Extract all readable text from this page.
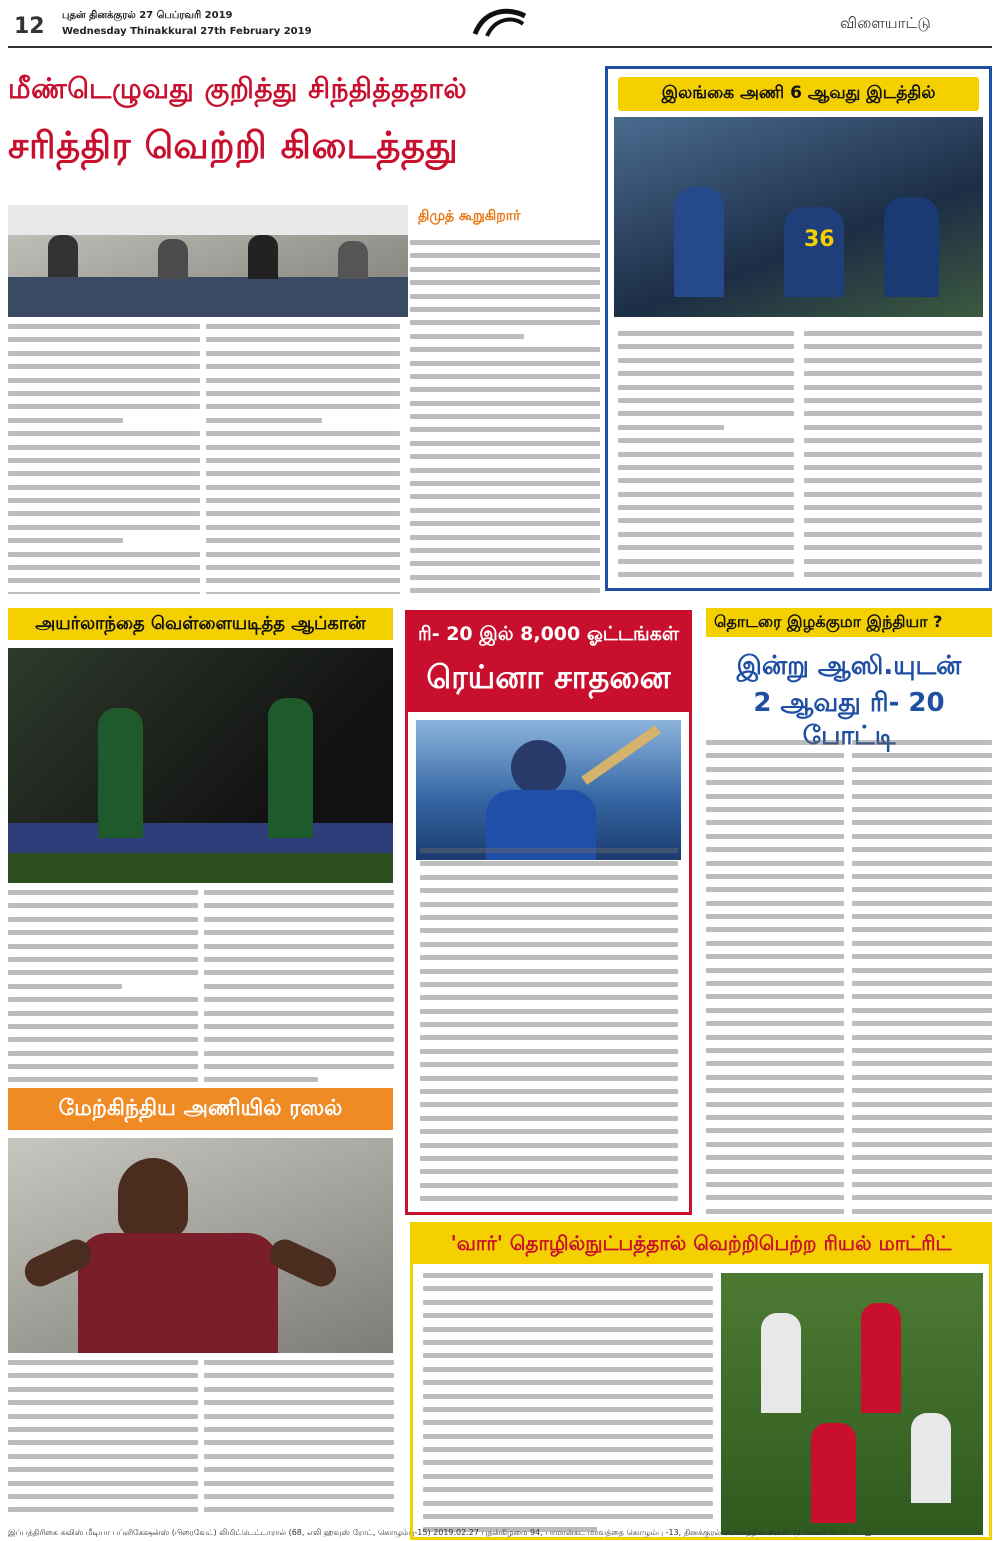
12 புதன் தினக்குரல் 27 பெப்ரவரி 2019
Wednesday Thinakkural 27th February 2019	விளையாட்டு
மீண்டெழுவது குறித்து சிந்தித்ததால்
சரித்திர வெற்றி கிடைத்தது
திமுத் கூறுகிறார்
இலங்கை அணி 6 ஆவது இடத்தில்
36
அயர்லாந்தை வெள்ளையடித்த ஆப்கான்
மேற்கிந்திய அணியில் ரஸல்
ரி- 20 இல் 8,000 ஓட்டங்கள்
ரெய்னா சாதனை
தொடரை இழக்குமா இந்தியா ?
இன்று ஆஸி.யுடன்
2 ஆவது ரி- 20 போட்டி
'வார்' தொழில்நுட்பத்தால் வெற்றிபெற்ற ரியல் மாட்ரிட்
இப்பத்திரிகை சுவிஸ் மீடியா பப்ளிகேஷன்ஸ் (பிரைவேட்) லிமிட்டெட்டாரால் (68, எலி ஹவுஸ் ரோட், கொழும்பு-15) 2019.02.27 புதன்கிழமை 94, பாமான்கட மாவத்தை கொழும்பு -13, தினக்குரல் அச்சகத்தில் அச்சிட்டு வெளியிடப்பட்டது.
